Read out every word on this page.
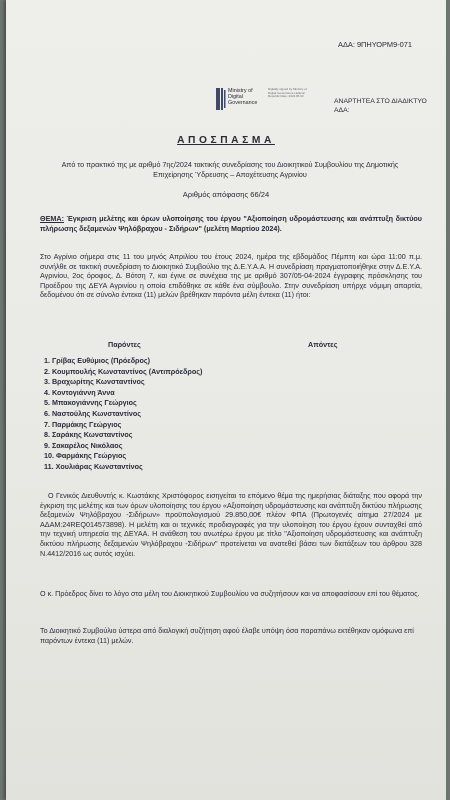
ΑΔΑ: 9ΠΗΥΟΡΜ9-071
Ministry of
Digital
Governance
Digitally signed by Ministry of Digital Governance Hellenic Republic Date: 2024.05.03
ΑΝΑΡΤΗΤΕΑ ΣΤΟ ΔΙΑΔΙΚΤΥΟ
ΑΔΑ:
ΑΠΟΣΠΑΣΜΑ
Από το πρακτικό της με αριθμό 7ης/2024 τακτικής συνεδρίασης του Διοικητικού Συμβουλίου της Δημοτικής Επιχείρησης Ύδρευσης – Αποχέτευσης Αγρινίου
Αριθμός απόφασης 66/24
ΘΕΜΑ: Έγκριση μελέτης και όρων υλοποίησης του έργου "Αξιοποίηση υδρομάστευσης και ανάπτυξη δικτύου πλήρωσης δεξαμενών Ψηλόβραχου - Σιδήρων" (μελέτη Μαρτίου 2024).
Στο Αγρίνιο σήμερα στις 11 του μηνός Απριλίου του έτους 2024, ημέρα της εβδομάδος Πέμπτη και ώρα 11:00 π.μ. συνήλθε σε τακτική συνεδρίαση το Διοικητικό Συμβούλιο της Δ.Ε.Υ.Α.Α. Η συνεδρίαση πραγματοποιήθηκε στην Δ.Ε.Υ.Α. Αγρινίου, 2ος όροφος, Δ. Βότση 7, και έγινε σε συνέχεια της με αριθμό 307/05-04-2024 έγγραφης πρόσκλησης του Προέδρου της ΔΕΥΑ Αγρινίου η οποία επιδόθηκε σε κάθε ένα σύμβουλο. Στην συνεδρίαση υπήρχε νόμιμη απαρτία, δεδομένου ότι σε σύνολο έντεκα (11) μελών βρέθηκαν παρόντα μέλη έντεκα (11) ήτοι:
Παρόντες	Απόντες
1. Γρίβας Ευθύμιος (Πρόεδρος)
2. Κουμπουλής Κωνσταντίνος (Αντιπρόεδρος)
3. Βραχωρίτης Κωνσταντίνος
4. Κοντογιάννη Άννα
5. Μπακογιάννης Γεώργιος
6. Ναστούλης Κωνσταντίνος
7. Παρμάκης Γεώργιος
8. Σαράκης Κωνσταντίνος
9. Σακαρέλος Νικόλαος
10. Φαρμάκης Γεώργιος
11. Χουλιάρας Κωνσταντίνος
Ο Γενικός Διευθυντής κ. Κωστάκης Χριστόφορος εισηγείται το επόμενο θέμα της ημερήσιας διάταξης που αφορά την έγκριση της μελέτης και των όρων υλοποίησης του έργου «Αξιοποίηση υδρομάστευσης και ανάπτυξη δικτύου πλήρωσης δεξαμενών Ψηλόβραχου -Σιδήρων» προϋπολογισμού 29.850,00€ πλέον ΦΠΑ (Πρωτογενές αίτημα 27/2024 με ΑΔΑΜ:24REQ014573898). Η μελέτη και οι τεχνικές προδιαγραφές για την υλοποίηση του έργου έχουν συνταχθεί από την τεχνική υπηρεσία της ΔΕΥΑΑ. Η ανάθεση του ανωτέρω έργου με τίτλο "Αξιοποίηση υδρομάστευσης και ανάπτυξη δικτύου πλήρωσης δεξαμενών Ψηλόβραχου -Σιδήρων" προτείνεται να ανατεθεί βάσει των διατάξεων του άρθρου 328 Ν.4412/2016 ως αυτός ισχύει.
Ο κ. Πρόεδρος δίνει το λόγο στα μέλη του Διοικητικού Συμβουλίου να συζητήσουν και να αποφασίσουν επί του θέματος.
Το Διοικητικό Συμβούλιο ύστερα από διαλογική συζήτηση αφού έλαβε υπόψη όσα παραπάνω εκτέθηκαν ομόφωνα επί παρόντων έντεκα (11) μελών.
